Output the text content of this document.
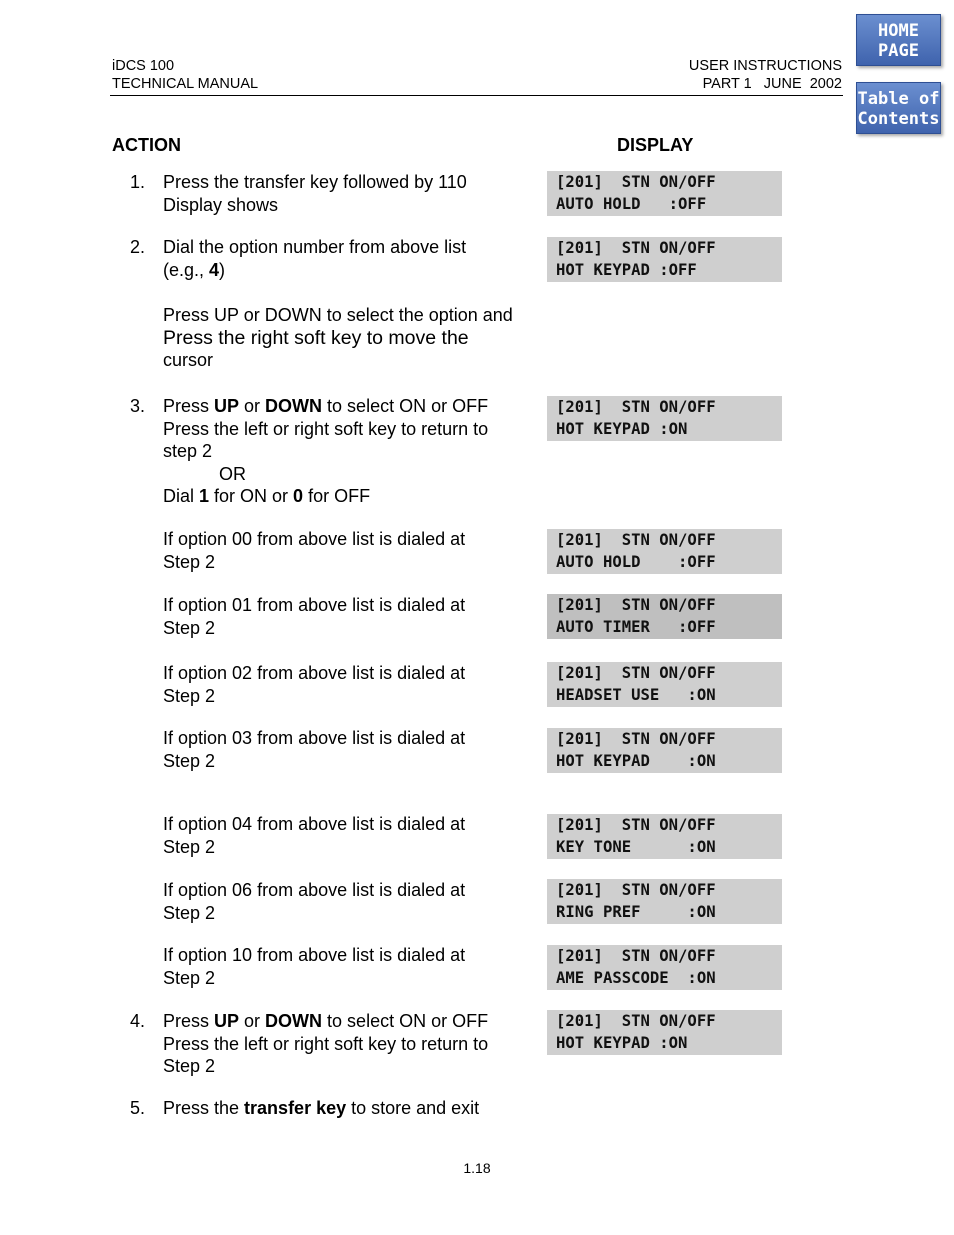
iDCS 100
TECHNICAL MANUAL
USER INSTRUCTIONS
PART 1   JUNE  2002
HOME
PAGE
Table of
Contents
ACTION	DISPLAY
1. Press the transfer key followed by 110
Display shows
2. Dial the option number from above list
(e.g., 4)
Press UP or DOWN to select the option and
Press the right soft key to move the
cursor
3. Press UP or DOWN to select ON or OFF
Press the left or right soft key to return to
step 2
OR
Dial 1 for ON or 0 for OFF
If option 00 from above list is dialed at
Step 2
If option 01 from above list is dialed at
Step 2
If option 02 from above list is dialed at
Step 2
If option 03 from above list is dialed at
Step 2
If option 04 from above list is dialed at
Step 2
If option 06 from above list is dialed at
Step 2
If option 10 from above list is dialed at
Step 2
4. Press UP or DOWN to select ON or OFF
Press the left or right soft key to return to
Step 2
5. Press the transfer key to store and exit
[201]  STN ON/OFF
AUTO HOLD   :OFF
[201]  STN ON/OFF
HOT KEYPAD :OFF
[201]  STN ON/OFF
HOT KEYPAD :ON
[201]  STN ON/OFF
AUTO HOLD    :OFF
[201]  STN ON/OFF
AUTO TIMER   :OFF
[201]  STN ON/OFF
HEADSET USE   :ON
[201]  STN ON/OFF
HOT KEYPAD    :ON
[201]  STN ON/OFF
KEY TONE      :ON
[201]  STN ON/OFF
RING PREF     :ON
[201]  STN ON/OFF
AME PASSCODE  :ON
[201]  STN ON/OFF
HOT KEYPAD :ON
1.18
